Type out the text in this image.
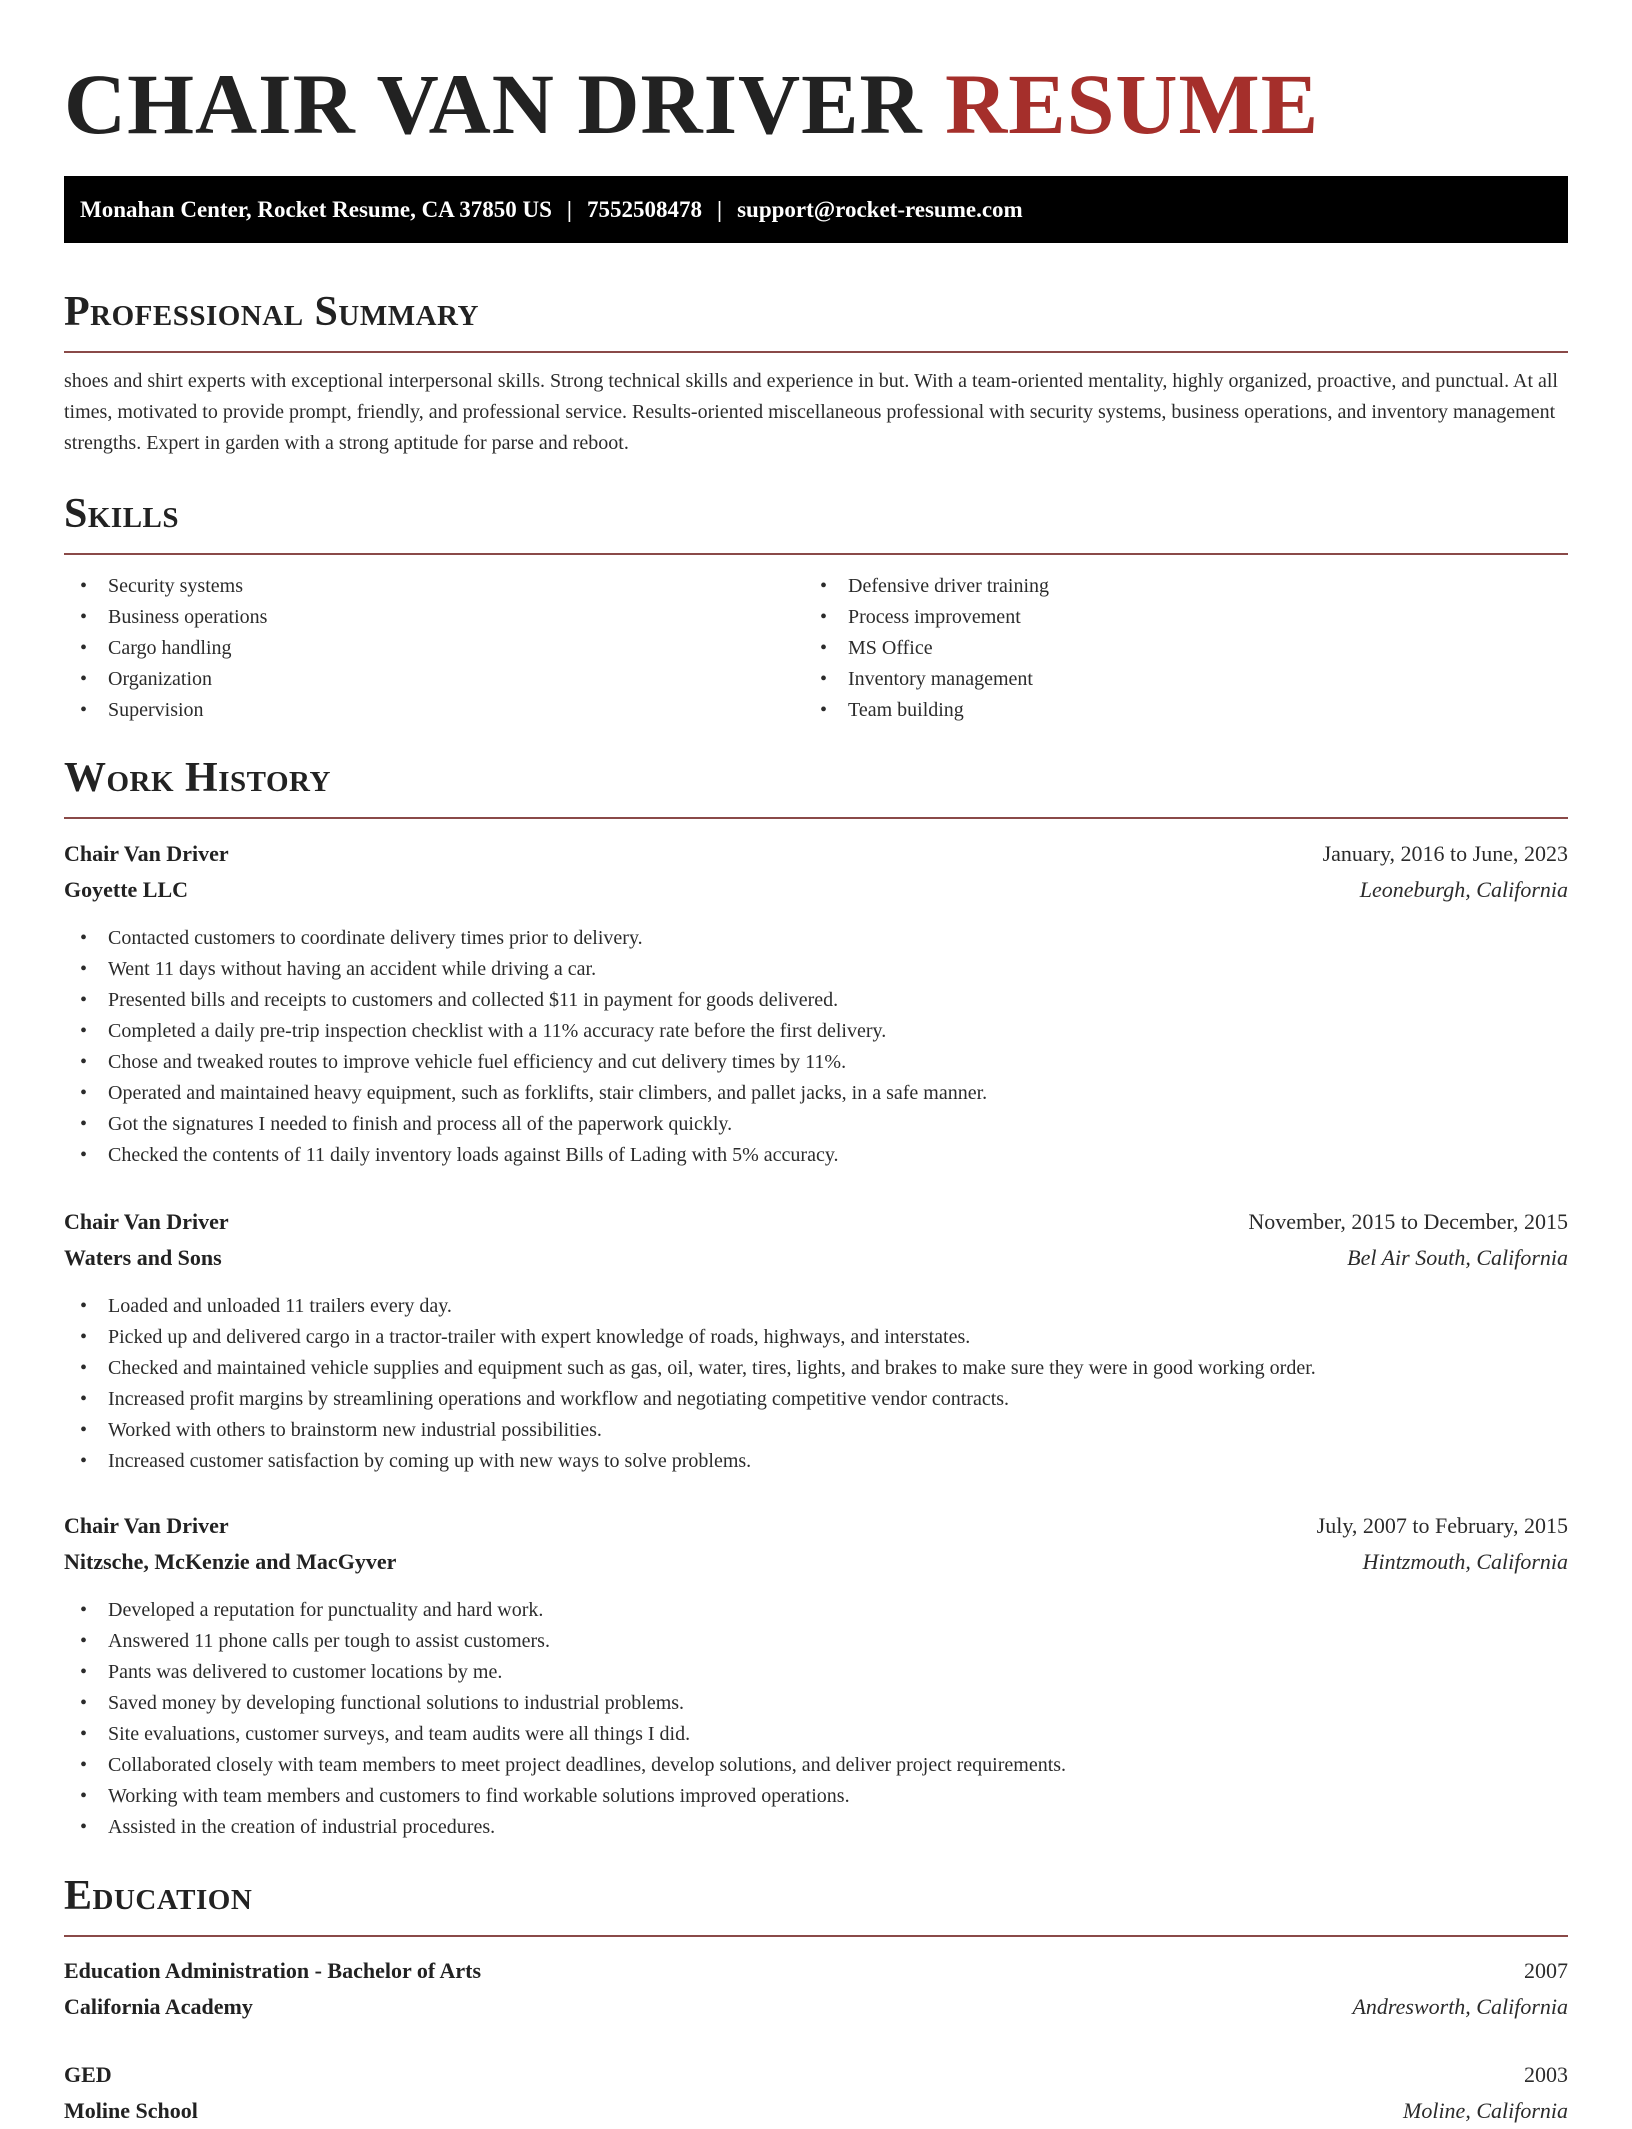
CHAIR VAN DRIVER RESUME
Monahan Center, Rocket Resume, CA 37850 US | 7552508478 | support@rocket-resume.com
Professional Summary

shoes and shirt experts with exceptional interpersonal skills. Strong technical skills and experience in but. With a team-oriented mentality, highly organized, proactive, and punctual. At all times, motivated to provide prompt, friendly, and professional service. Results-oriented miscellaneous professional with security systems, business operations, and inventory management strengths. Expert in garden with a strong aptitude for parse and reboot.

Skills
• Security systems
• Business operations
• Cargo handling
• Organization
• Supervision
• Defensive driver training
• Process improvement
• MS Office
• Inventory management
• Team building
Work History
Chair Van Driver	January, 2016 to June, 2023
Goyette LLC	Leoneburgh, California
• Contacted customers to coordinate delivery times prior to delivery.
• Went 11 days without having an accident while driving a car.
• Presented bills and receipts to customers and collected $11 in payment for goods delivered.
• Completed a daily pre-trip inspection checklist with a 11% accuracy rate before the first delivery.
• Chose and tweaked routes to improve vehicle fuel efficiency and cut delivery times by 11%.
• Operated and maintained heavy equipment, such as forklifts, stair climbers, and pallet jacks, in a safe manner.
• Got the signatures I needed to finish and process all of the paperwork quickly.
• Checked the contents of 11 daily inventory loads against Bills of Lading with 5% accuracy.
Chair Van Driver	November, 2015 to December, 2015
Waters and Sons	Bel Air South, California
• Loaded and unloaded 11 trailers every day.
• Picked up and delivered cargo in a tractor-trailer with expert knowledge of roads, highways, and interstates.
• Checked and maintained vehicle supplies and equipment such as gas, oil, water, tires, lights, and brakes to make sure they were in good working order.
• Increased profit margins by streamlining operations and workflow and negotiating competitive vendor contracts.
• Worked with others to brainstorm new industrial possibilities.
• Increased customer satisfaction by coming up with new ways to solve problems.
Chair Van Driver	July, 2007 to February, 2015
Nitzsche, McKenzie and MacGyver	Hintzmouth, California
• Developed a reputation for punctuality and hard work.
• Answered 11 phone calls per tough to assist customers.
• Pants was delivered to customer locations by me.
• Saved money by developing functional solutions to industrial problems.
• Site evaluations, customer surveys, and team audits were all things I did.
• Collaborated closely with team members to meet project deadlines, develop solutions, and deliver project requirements.
• Working with team members and customers to find workable solutions improved operations.
• Assisted in the creation of industrial procedures.
Education
Education Administration - Bachelor of Arts	2007
California Academy	Andresworth, California
GED	2003
Moline School	Moline, California
